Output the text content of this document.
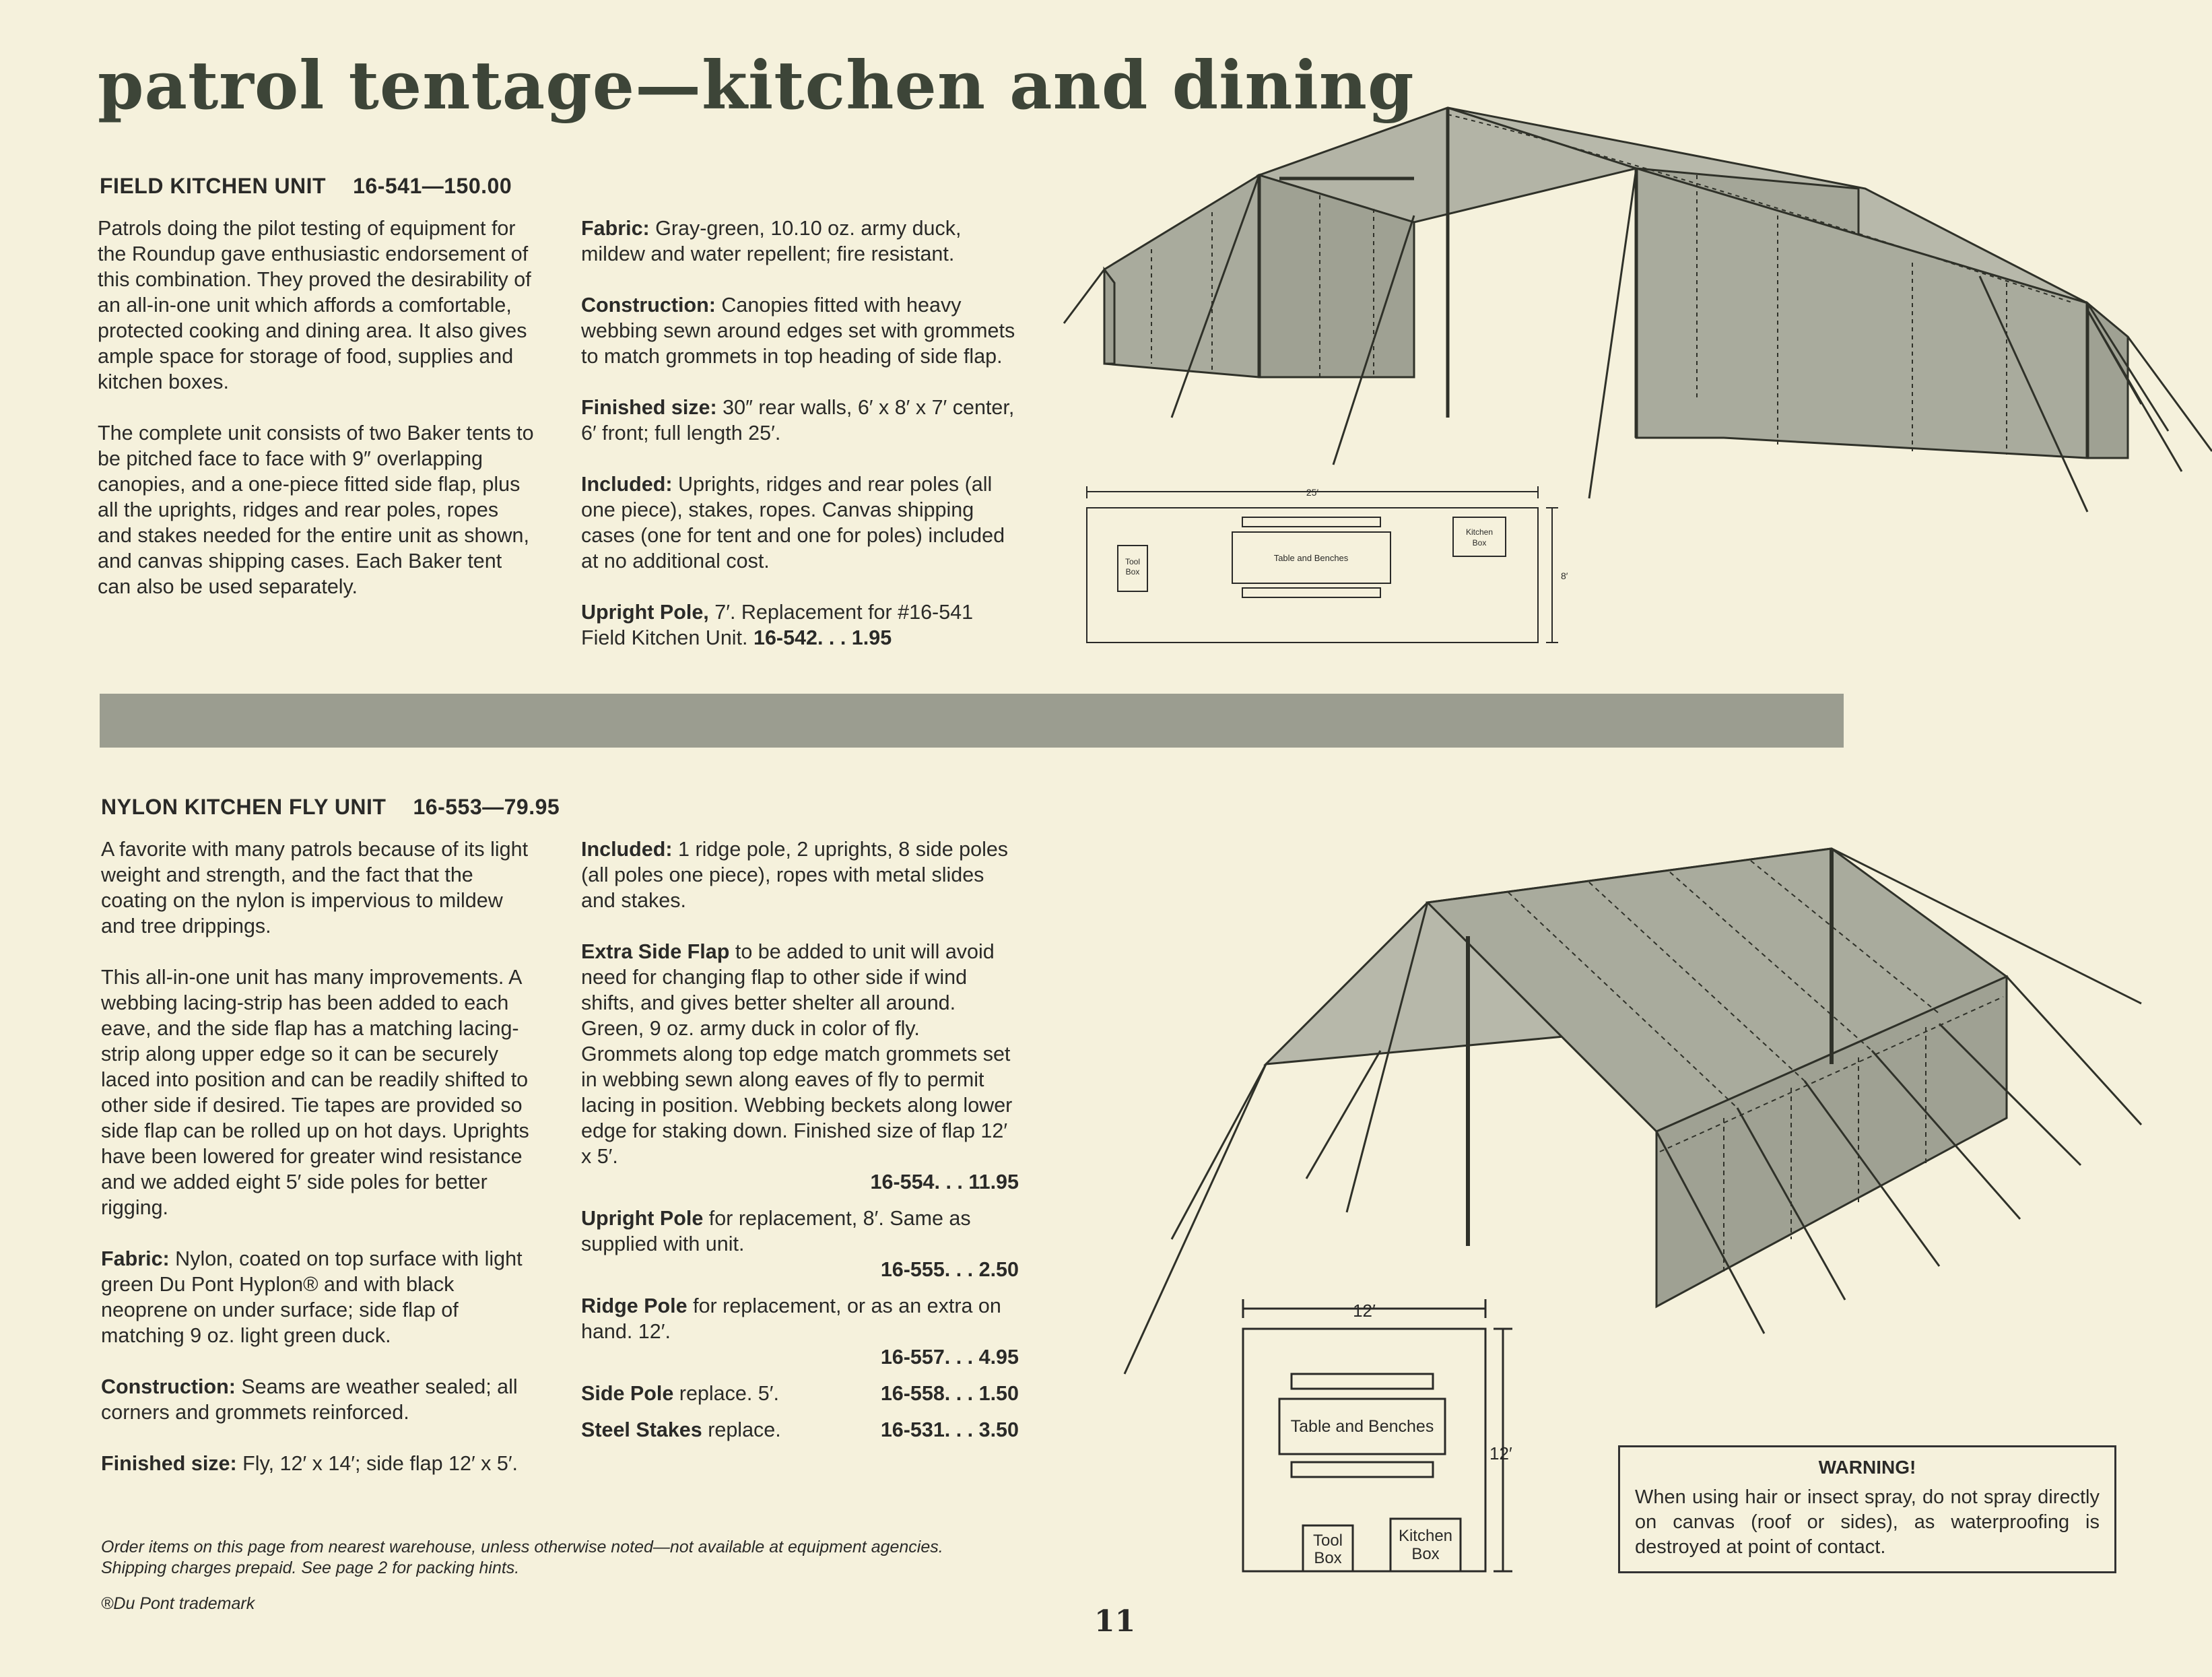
patrol tentage—kitchen and dining
FIELD KITCHEN UNIT 16-541—150.00

Patrols doing the pilot testing of equipment for the Roundup gave enthusiastic endorsement of this combination. They proved the desirability of an all-in-one unit which affords a comfortable, protected cooking and dining area. It also gives ample space for storage of food, supplies and kitchen boxes.

The complete unit consists of two Baker tents to be pitched face to face with 9″ overlapping canopies, and a one-piece fitted side flap, plus all the uprights, ridges and rear poles, ropes and stakes needed for the entire unit as shown, and canvas shipping cases. Each Baker tent can also be used separately.

Fabric: Gray-green, 10.10 oz. army duck, mildew and water repellent; fire resistant.

Construction: Canopies fitted with heavy webbing sewn around edges set with grommets to match grommets in top heading of side flap.

Finished size: 30″ rear walls, 6′ x 8′ x 7′ center, 6′ front; full length 25′.

Included: Uprights, ridges and rear poles (all one piece), stakes, ropes. Canvas shipping cases (one for tent and one for poles) included at no additional cost.

Upright Pole, 7′. Replacement for #16-541 Field Kitchen Unit. 16-542. . . 1.95

25′
8′
Table and Benches
Tool
Box
Kitchen
Box
NYLON KITCHEN FLY UNIT 16-553—79.95

A favorite with many patrols because of its light weight and strength, and the fact that the coating on the nylon is impervious to mildew and tree drippings.

This all-in-one unit has many improvements. A webbing lacing-strip has been added to each eave, and the side flap has a matching lacing-strip along upper edge so it can be securely laced into position and can be readily shifted to other side if desired. Tie tapes are provided so side flap can be rolled up on hot days. Uprights have been lowered for greater wind resistance and we added eight 5′ side poles for better rigging.

Fabric: Nylon, coated on top surface with light green Du Pont Hyplon® and with black neoprene on under surface; side flap of matching 9 oz. light green duck.

Construction: Seams are weather sealed; all corners and grommets reinforced.

Finished size: Fly, 12′ x 14′; side flap 12′ x 5′.

Included: 1 ridge pole, 2 uprights, 8 side poles (all poles one piece), ropes with metal slides and stakes.

Extra Side Flap to be added to unit will avoid need for changing flap to other side if wind shifts, and gives better shelter all around. Green, 9 oz. army duck in color of fly. Grommets along top edge match grommets set in webbing sewn along eaves of fly to permit lacing in position. Webbing beckets along lower edge for staking down. Finished size of flap 12′ x 5′.

16-554. . . 11.95

Upright Pole for replacement, 8′. Same as supplied with unit.

16-555. . . 2.50

Ridge Pole for replacement, or as an extra on hand. 12′.

16-557. . . 4.95
Side Pole replace. 5′.	16-558. . . 1.50
Steel Stakes replace.	16-531. . . 3.50
12′
12′
Table and Benches
Tool
Box
Kitchen
Box
WARNING!
When using hair or insect spray, do not spray directly on canvas (roof or sides), as waterproofing is destroyed at point of contact.
Order items on this page from nearest warehouse, unless otherwise noted—not available at equipment agencies. Shipping charges prepaid. See page 2 for packing hints.
®Du Pont trademark
11
